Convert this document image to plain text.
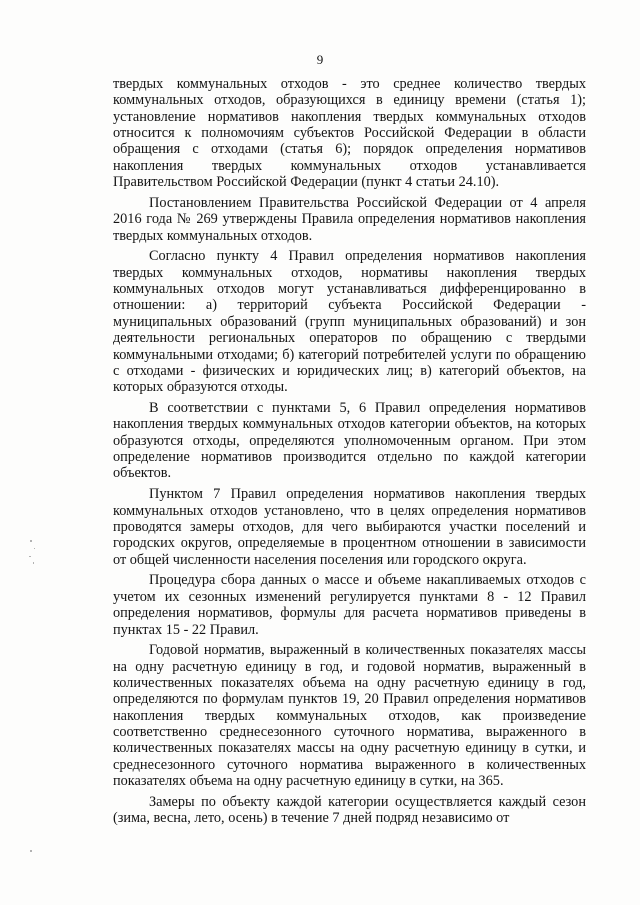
9

твердых коммунальных отходов - это среднее количество твердых коммунальных отходов, образующихся в единицу времени (статья 1); установление нормативов накопления твердых коммунальных отходов относится к полномочиям субъектов Российской Федерации в области обращения с отходами (статья 6); порядок определения нормативов накопления твердых коммунальных отходов устанавливается Правительством Российской Федерации (пункт 4 статьи 24.10).

Постановлением Правительства Российской Федерации от 4 апреля 2016 года № 269 утверждены Правила определения нормативов накопления твердых коммунальных отходов.

Согласно пункту 4 Правил определения нормативов накопления твердых коммунальных отходов, нормативы накопления твердых коммунальных отходов могут устанавливаться дифференцированно в отношении: а) территорий субъекта Российской Федерации - муниципальных образований (групп муниципальных образований) и зон деятельности региональных операторов по обращению с твердыми коммунальными отходами; б) категорий потребителей услуги по обращению с отходами - физических и юридических лиц; в) категорий объектов, на которых образуются отходы.

В соответствии с пунктами 5, 6 Правил определения нормативов накопления твердых коммунальных отходов категории объектов, на которых образуются отходы, определяются уполномоченным органом. При этом определение нормативов производится отдельно по каждой категории объектов.

Пунктом 7 Правил определения нормативов накопления твердых коммунальных отходов установлено, что в целях определения нормативов проводятся замеры отходов, для чего выбираются участки поселений и городских округов, определяемые в процентном отношении в зависимости от общей численности населения поселения или городского округа.

Процедура сбора данных о массе и объеме накапливаемых отходов с учетом их сезонных изменений регулируется пунктами 8 - 12 Правил определения нормативов, формулы для расчета нормативов приведены в пунктах 15 - 22 Правил.

Годовой норматив, выраженный в количественных показателях массы на одну расчетную единицу в год, и годовой норматив, выраженный в количественных показателях объема на одну расчетную единицу в год, определяются по формулам пунктов 19, 20 Правил определения нормативов накопления твердых коммунальных отходов, как произведение соответственно среднесезонного суточного норматива, выраженного в количественных показателях массы на одну расчетную единицу в сутки, и среднесезонного суточного норматива выраженного в количественных показателях объема на одну расчетную единицу в сутки, на 365.

Замеры по объекту каждой категории осуществляется каждый сезон (зима, весна, лето, осень) в течение 7 дней подряд независимо от
